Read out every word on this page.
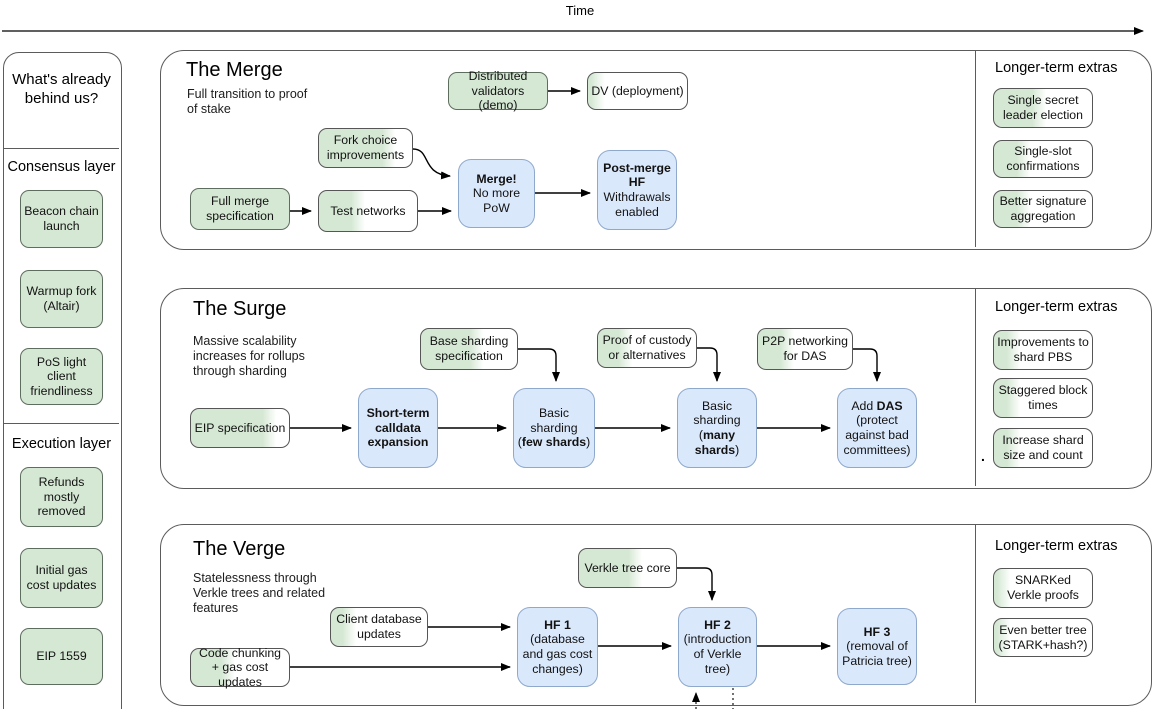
Time
What's already behind us?
Consensus layer
Beacon chain launch
Warmup fork (Altair)
PoS light client friendliness
Execution layer
Refunds mostly removed
Initial gas cost updates
EIP 1559
The Merge
Full transition to proof of stake
Full merge specification	Test networks
Fork choice improvements
Distributed validators (demo)
DV (deployment)
Merge!
No more PoW
Post-merge HF
Withdrawals enabled
Longer-term extras
Single secret leader election
Single-slot confirmations
Better signature aggregation
The Surge
Massive scalability increases for rollups through sharding
EIP specification
Base sharding specification
Short-term calldata expansion
Basic sharding (few shards)
Proof of custody or alternatives
Basic sharding (many shards)
P2P networking for DAS
Add DAS (protect against bad committees)
Longer-term extras
Improvements to shard PBS
Staggered block times
Increase shard size and count
.
The Verge
Statelessness through Verkle trees and related features
Client database updates
Code chunking + gas cost updates
Verkle tree core
HF 1
(database and gas cost changes)
HF 2
(introduction of Verkle tree)
HF 3
(removal of Patricia tree)
Longer-term extras
SNARKed Verkle proofs
Even better tree (STARK+hash?)
